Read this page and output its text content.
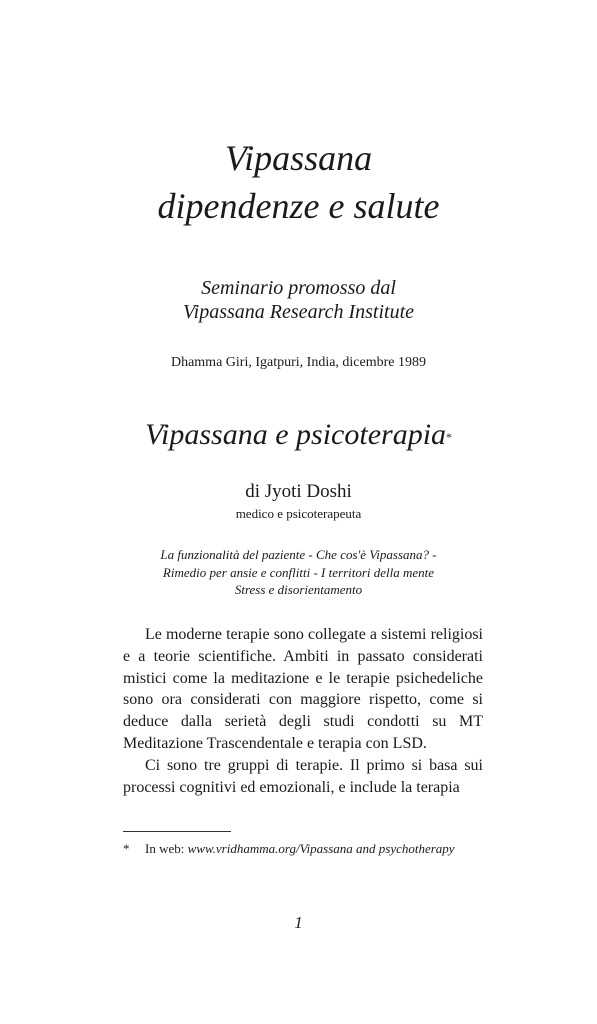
Vipassana
dipendenze e salute
Seminario promosso dal
Vipassana Research Institute
Dhamma Giri, Igatpuri, India, dicembre 1989
Vipassana e psicoterapia*
di Jyoti Doshi
medico e psicoterapeuta
La funzionalità del paziente - Che cos'è Vipassana? -
Rimedio per ansie e conflitti - I territori della mente
Stress e disorientamento

Le moderne terapie sono collegate a sistemi religiosi e a teorie scientifiche. Ambiti in passato considerati mistici come la meditazione e le terapie psichedeliche sono ora considerati con maggiore rispetto, come si deduce dalla serietà degli studi condotti su MT Meditazione Trascendentale e terapia con LSD.

Ci sono tre gruppi di terapie. Il primo si basa sui processi cognitivi ed emozionali, e include la terapia

* In web: www.vridhamma.org/Vipassana and psychotherapy
1
